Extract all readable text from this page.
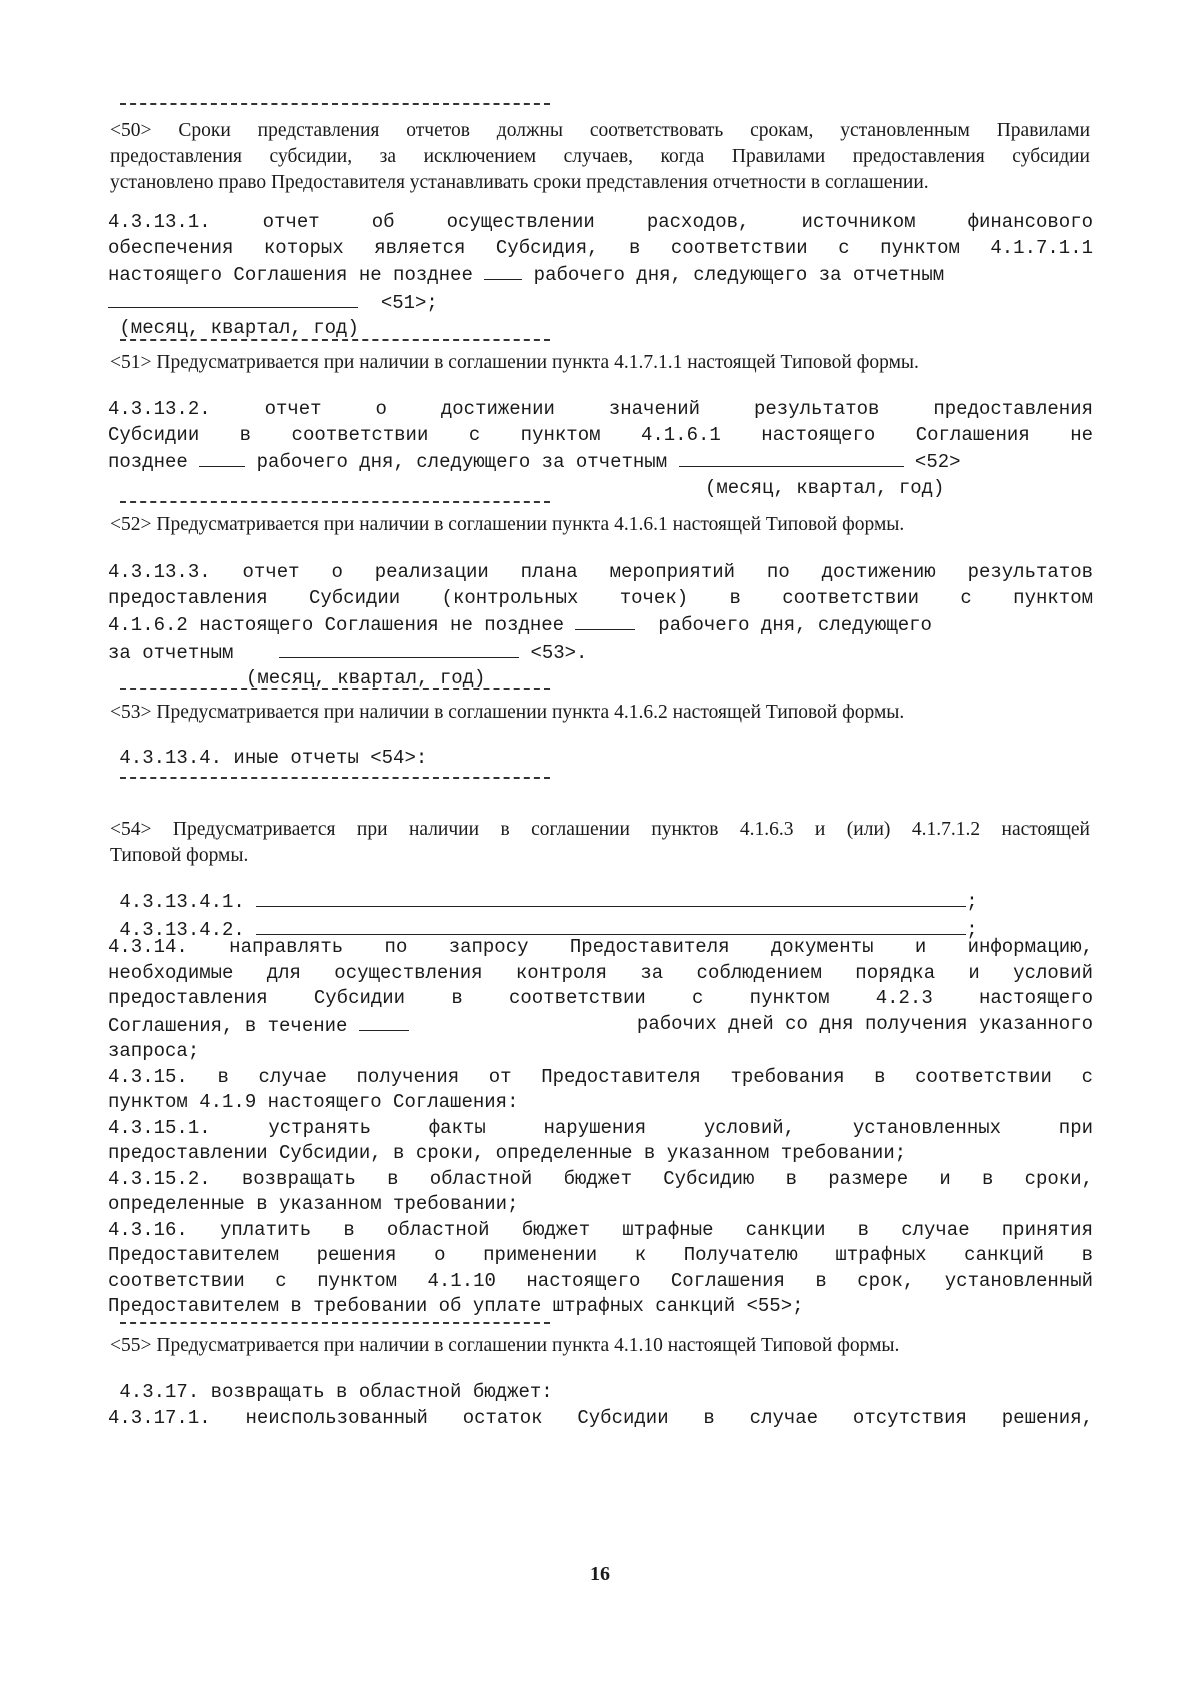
<50> Сроки представления отчетов должны соответствовать срокам, установленным Правилами
предоставления субсидии, за исключением случаев, когда Правилами предоставления субсидии
установлено право Предоставителя устанавливать сроки представления отчетности в соглашении.
4.3.13.1. отчет об осуществлении расходов, источником финансового
обеспечения которых является Субсидия, в соответствии с пунктом 4.1.7.1.1
настоящего Соглашения не позднее	рабочего дня, следующего за отчетным
<51>;
(месяц, квартал, год)
<51> Предусматривается при наличии в соглашении пункта 4.1.7.1.1 настоящей Типовой формы.
4.3.13.2. отчет о достижении значений результатов предоставления
Субсидии в соответствии с пунктом 4.1.6.1 настоящего Соглашения не
позднее	рабочего дня, следующего за отчетным	<52>
(месяц, квартал, год)
<52> Предусматривается при наличии в соглашении пункта 4.1.6.1 настоящей Типовой формы.
4.3.13.3. отчет о реализации плана мероприятий по достижению результатов
предоставления Субсидии (контрольных точек) в соответствии с пунктом
4.1.6.2 настоящего Соглашения не позднее	рабочего дня, следующего
за отчетным	<53>.
(месяц, квартал, год)
<53> Предусматривается при наличии в соглашении пункта 4.1.6.2 настоящей Типовой формы.
4.3.13.4. иные отчеты <54>:
<54> Предусматривается при наличии в соглашении пунктов 4.1.6.3 и (или) 4.1.7.1.2 настоящей
Типовой формы.
4.3.13.4.1.	;
4.3.13.4.2.	;
4.3.14. направлять по запросу Предоставителя документы и информацию,
необходимые для осуществления контроля за соблюдением порядка и условий
предоставления Субсидии в соответствии с пунктом 4.2.3 настоящего
Соглашения, в течение	рабочих дней со дня получения указанного
запроса;
4.3.15. в случае получения от Предоставителя требования в соответствии с
пунктом 4.1.9 настоящего Соглашения:
4.3.15.1. устранять факты нарушения условий, установленных при
предоставлении Субсидии, в сроки, определенные в указанном требовании;
4.3.15.2. возвращать в областной бюджет Субсидию в размере и в сроки,
определенные в указанном требовании;
4.3.16. уплатить в областной бюджет штрафные санкции в случае принятия
Предоставителем решения о применении к Получателю штрафных санкций в
соответствии с пунктом 4.1.10 настоящего Соглашения в срок, установленный
Предоставителем в требовании об уплате штрафных санкций <55>;
<55> Предусматривается при наличии в соглашении пункта 4.1.10 настоящей Типовой формы.
4.3.17. возвращать в областной бюджет:
4.3.17.1. неиспользованный остаток Субсидии в случае отсутствия решения,
16
